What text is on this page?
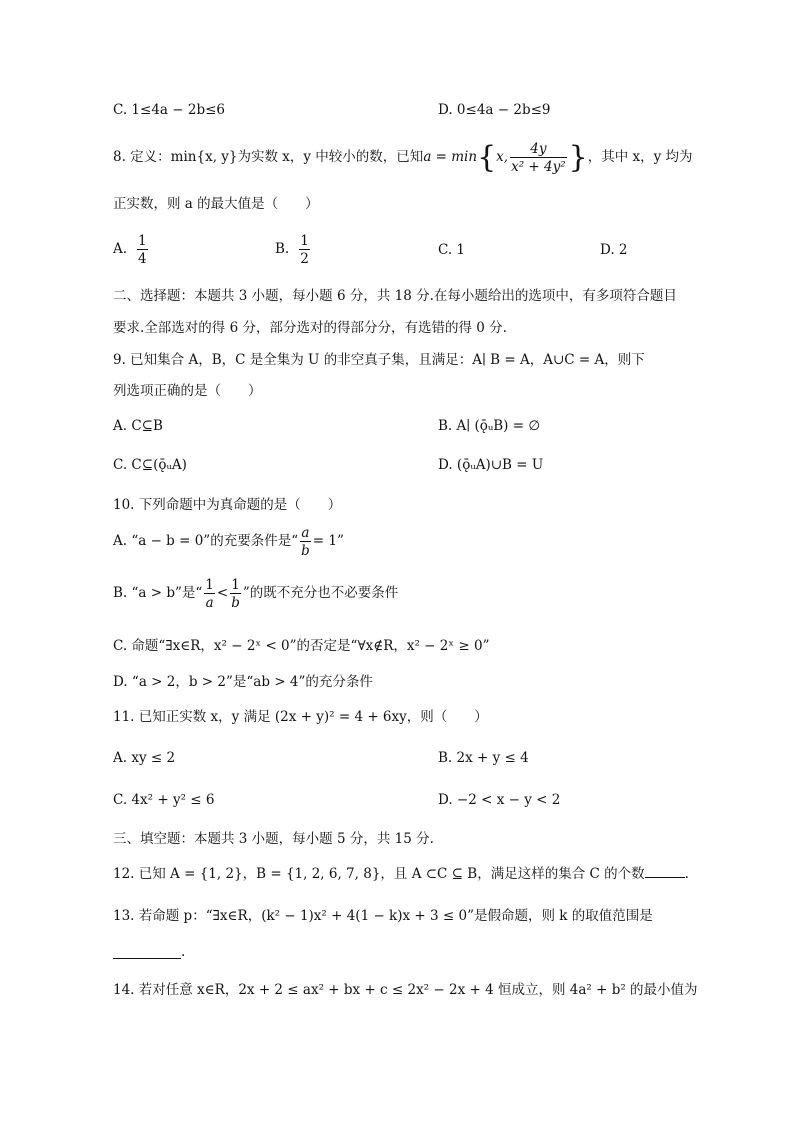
C. 1≤4a − 2b≤6	D. 0≤4a − 2b≤9
8. 定义：min{x, y}为实数 x，y 中较小的数，已知 a = min { x, $\frac{4y}{\text{x² + 4y²}}$ } ，其中 x，y 均为
正实数，则 a 的最大值是（　　）
A. $\frac{1}{4}$	B. $\frac{1}{2}$	C. 1	D. 2
二、选择题：本题共 3 小题，每小题 6 分，共 18 分.在每小题给出的选项中，有多项符合题目
要求.全部选对的得 6 分，部分选对的得部分分，有选错的得 0 分.
9. 已知集合 A，B，C 是全集为 U 的非空真子集，且满足：A∣ B = A，A∪C = A，则下
列选项正确的是（　　）
A. C⊆B	B. A∣ (ǭᵤB) = ∅
C. C⊆(ǭᵤA)	D. (ǭᵤA)∪B = U
10. 下列命题中为真命题的是（　　）
A. “a − b = 0”的充要条件是“ $\frac{a}{b} = 1$”
B. “a > b”是“ 1
a
< 1
b
”的既不充分也不必要条件
C. 命题“∃x∈R，x² − 2ˣ < 0”的否定是“∀x∉R，x² − 2ˣ ≥ 0”
D. “a > 2，b > 2”是“ab > 4”的充分条件
11. 已知正实数 x，y 满足 (2x + y)² = 4 + 6xy，则（　　）
A. xy ≤ 2	B. 2x + y ≤ 4
C. 4x² + y² ≤ 6	D. −2 < x − y < 2
三、填空题：本题共 3 小题，每小题 5 分，共 15 分.
12. 已知 A = {1, 2}，B = {1, 2, 6, 7, 8}，且 A ⊂C ⊆ B，满足这样的集合 C 的个数	.
13. 若命题 p：“∃x∈R，(k² − 1)x² + 4(1 − k)x + 3 ≤ 0”是假命题，则 k 的取值范围是
.
14. 若对任意 x∈R，2x + 2 ≤ ax² + bx + c ≤ 2x² − 2x + 4 恒成立，则 4a² + b² 的最小值为
